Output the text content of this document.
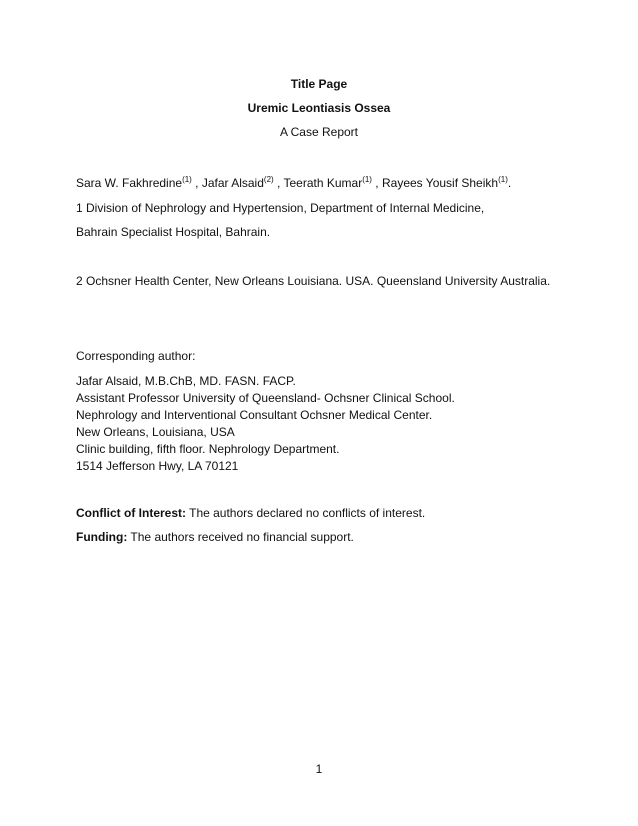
Title Page
Uremic Leontiasis Ossea
A Case Report
Sara W. Fakhredine$^{(1)}$ , Jafar Alsaid$^{(2)}$ , Teerath Kumar$^{(1)}$ , Rayees Yousif Sheikh$^{(1)}$.
1 Division of Nephrology and Hypertension, Department of Internal Medicine,
Bahrain Specialist Hospital, Bahrain.
2 Ochsner Health Center, New Orleans Louisiana. USA. Queensland University Australia.
Corresponding author:
Jafar Alsaid, M.B.ChB, MD. FASN. FACP.
Assistant Professor University of Queensland- Ochsner Clinical School.
Nephrology and Interventional Consultant Ochsner Medical Center.
New Orleans, Louisiana, USA
Clinic building, fifth floor. Nephrology Department.
1514 Jefferson Hwy, LA 70121
Conflict of Interest: The authors declared no conflicts of interest.
Funding: The authors received no financial support.
1
